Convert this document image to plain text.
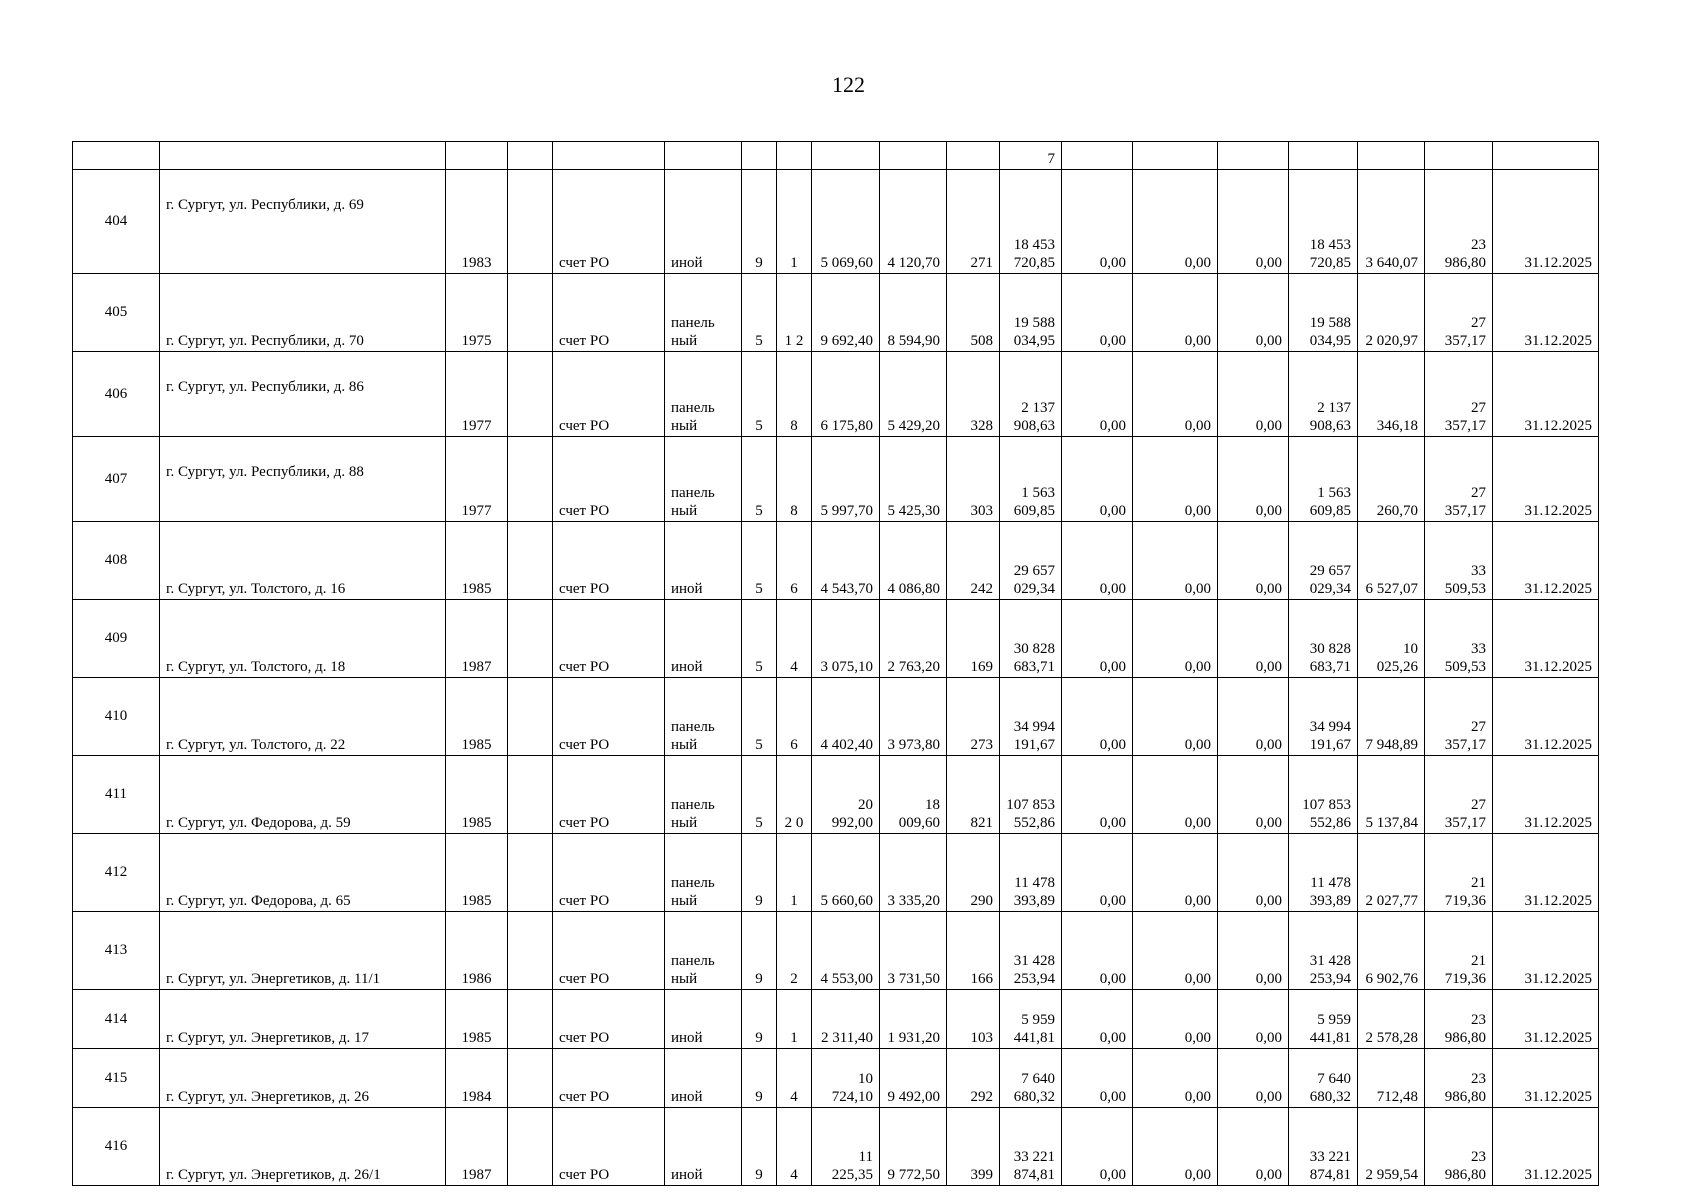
122
											7							
404	г. Сургут, ул. Республики, д. 69	1983		счет РО	иной	9	1	5 069,60	4 120,70	271	18 453 720,85	0,00	0,00	0,00	18 453 720,85	3 640,07	23 986,80	31.12.2025
405	г. Сургут, ул. Республики, д. 70	1975		счет РО	панель ный	5	1 2	9 692,40	8 594,90	508	19 588 034,95	0,00	0,00	0,00	19 588 034,95	2 020,97	27 357,17	31.12.2025
406	г. Сургут, ул. Республики, д. 86	1977		счет РО	панель ный	5	8	6 175,80	5 429,20	328	2 137 908,63	0,00	0,00	0,00	2 137 908,63	346,18	27 357,17	31.12.2025
407	г. Сургут, ул. Республики, д. 88	1977		счет РО	панель ный	5	8	5 997,70	5 425,30	303	1 563 609,85	0,00	0,00	0,00	1 563 609,85	260,70	27 357,17	31.12.2025
408	г. Сургут, ул. Толстого, д. 16	1985		счет РО	иной	5	6	4 543,70	4 086,80	242	29 657 029,34	0,00	0,00	0,00	29 657 029,34	6 527,07	33 509,53	31.12.2025
409	г. Сургут, ул. Толстого, д. 18	1987		счет РО	иной	5	4	3 075,10	2 763,20	169	30 828 683,71	0,00	0,00	0,00	30 828 683,71	10 025,26	33 509,53	31.12.2025
410	г. Сургут, ул. Толстого, д. 22	1985		счет РО	панель ный	5	6	4 402,40	3 973,80	273	34 994 191,67	0,00	0,00	0,00	34 994 191,67	7 948,89	27 357,17	31.12.2025
411	г. Сургут, ул. Федорова, д. 59	1985		счет РО	панель ный	5	2 0	20 992,00	18 009,60	821	107 853 552,86	0,00	0,00	0,00	107 853 552,86	5 137,84	27 357,17	31.12.2025
412	г. Сургут, ул. Федорова, д. 65	1985		счет РО	панель ный	9	1	5 660,60	3 335,20	290	11 478 393,89	0,00	0,00	0,00	11 478 393,89	2 027,77	21 719,36	31.12.2025
413	г. Сургут, ул. Энергетиков, д. 11/1	1986		счет РО	панель ный	9	2	4 553,00	3 731,50	166	31 428 253,94	0,00	0,00	0,00	31 428 253,94	6 902,76	21 719,36	31.12.2025
414	г. Сургут, ул. Энергетиков, д. 17	1985		счет РО	иной	9	1	2 311,40	1 931,20	103	5 959 441,81	0,00	0,00	0,00	5 959 441,81	2 578,28	23 986,80	31.12.2025
415	г. Сургут, ул. Энергетиков, д. 26	1984		счет РО	иной	9	4	10 724,10	9 492,00	292	7 640 680,32	0,00	0,00	0,00	7 640 680,32	712,48	23 986,80	31.12.2025
416	г. Сургут, ул. Энергетиков, д. 26/1	1987		счет РО	иной	9	4	11 225,35	9 772,50	399	33 221 874,81	0,00	0,00	0,00	33 221 874,81	2 959,54	23 986,80	31.12.2025
